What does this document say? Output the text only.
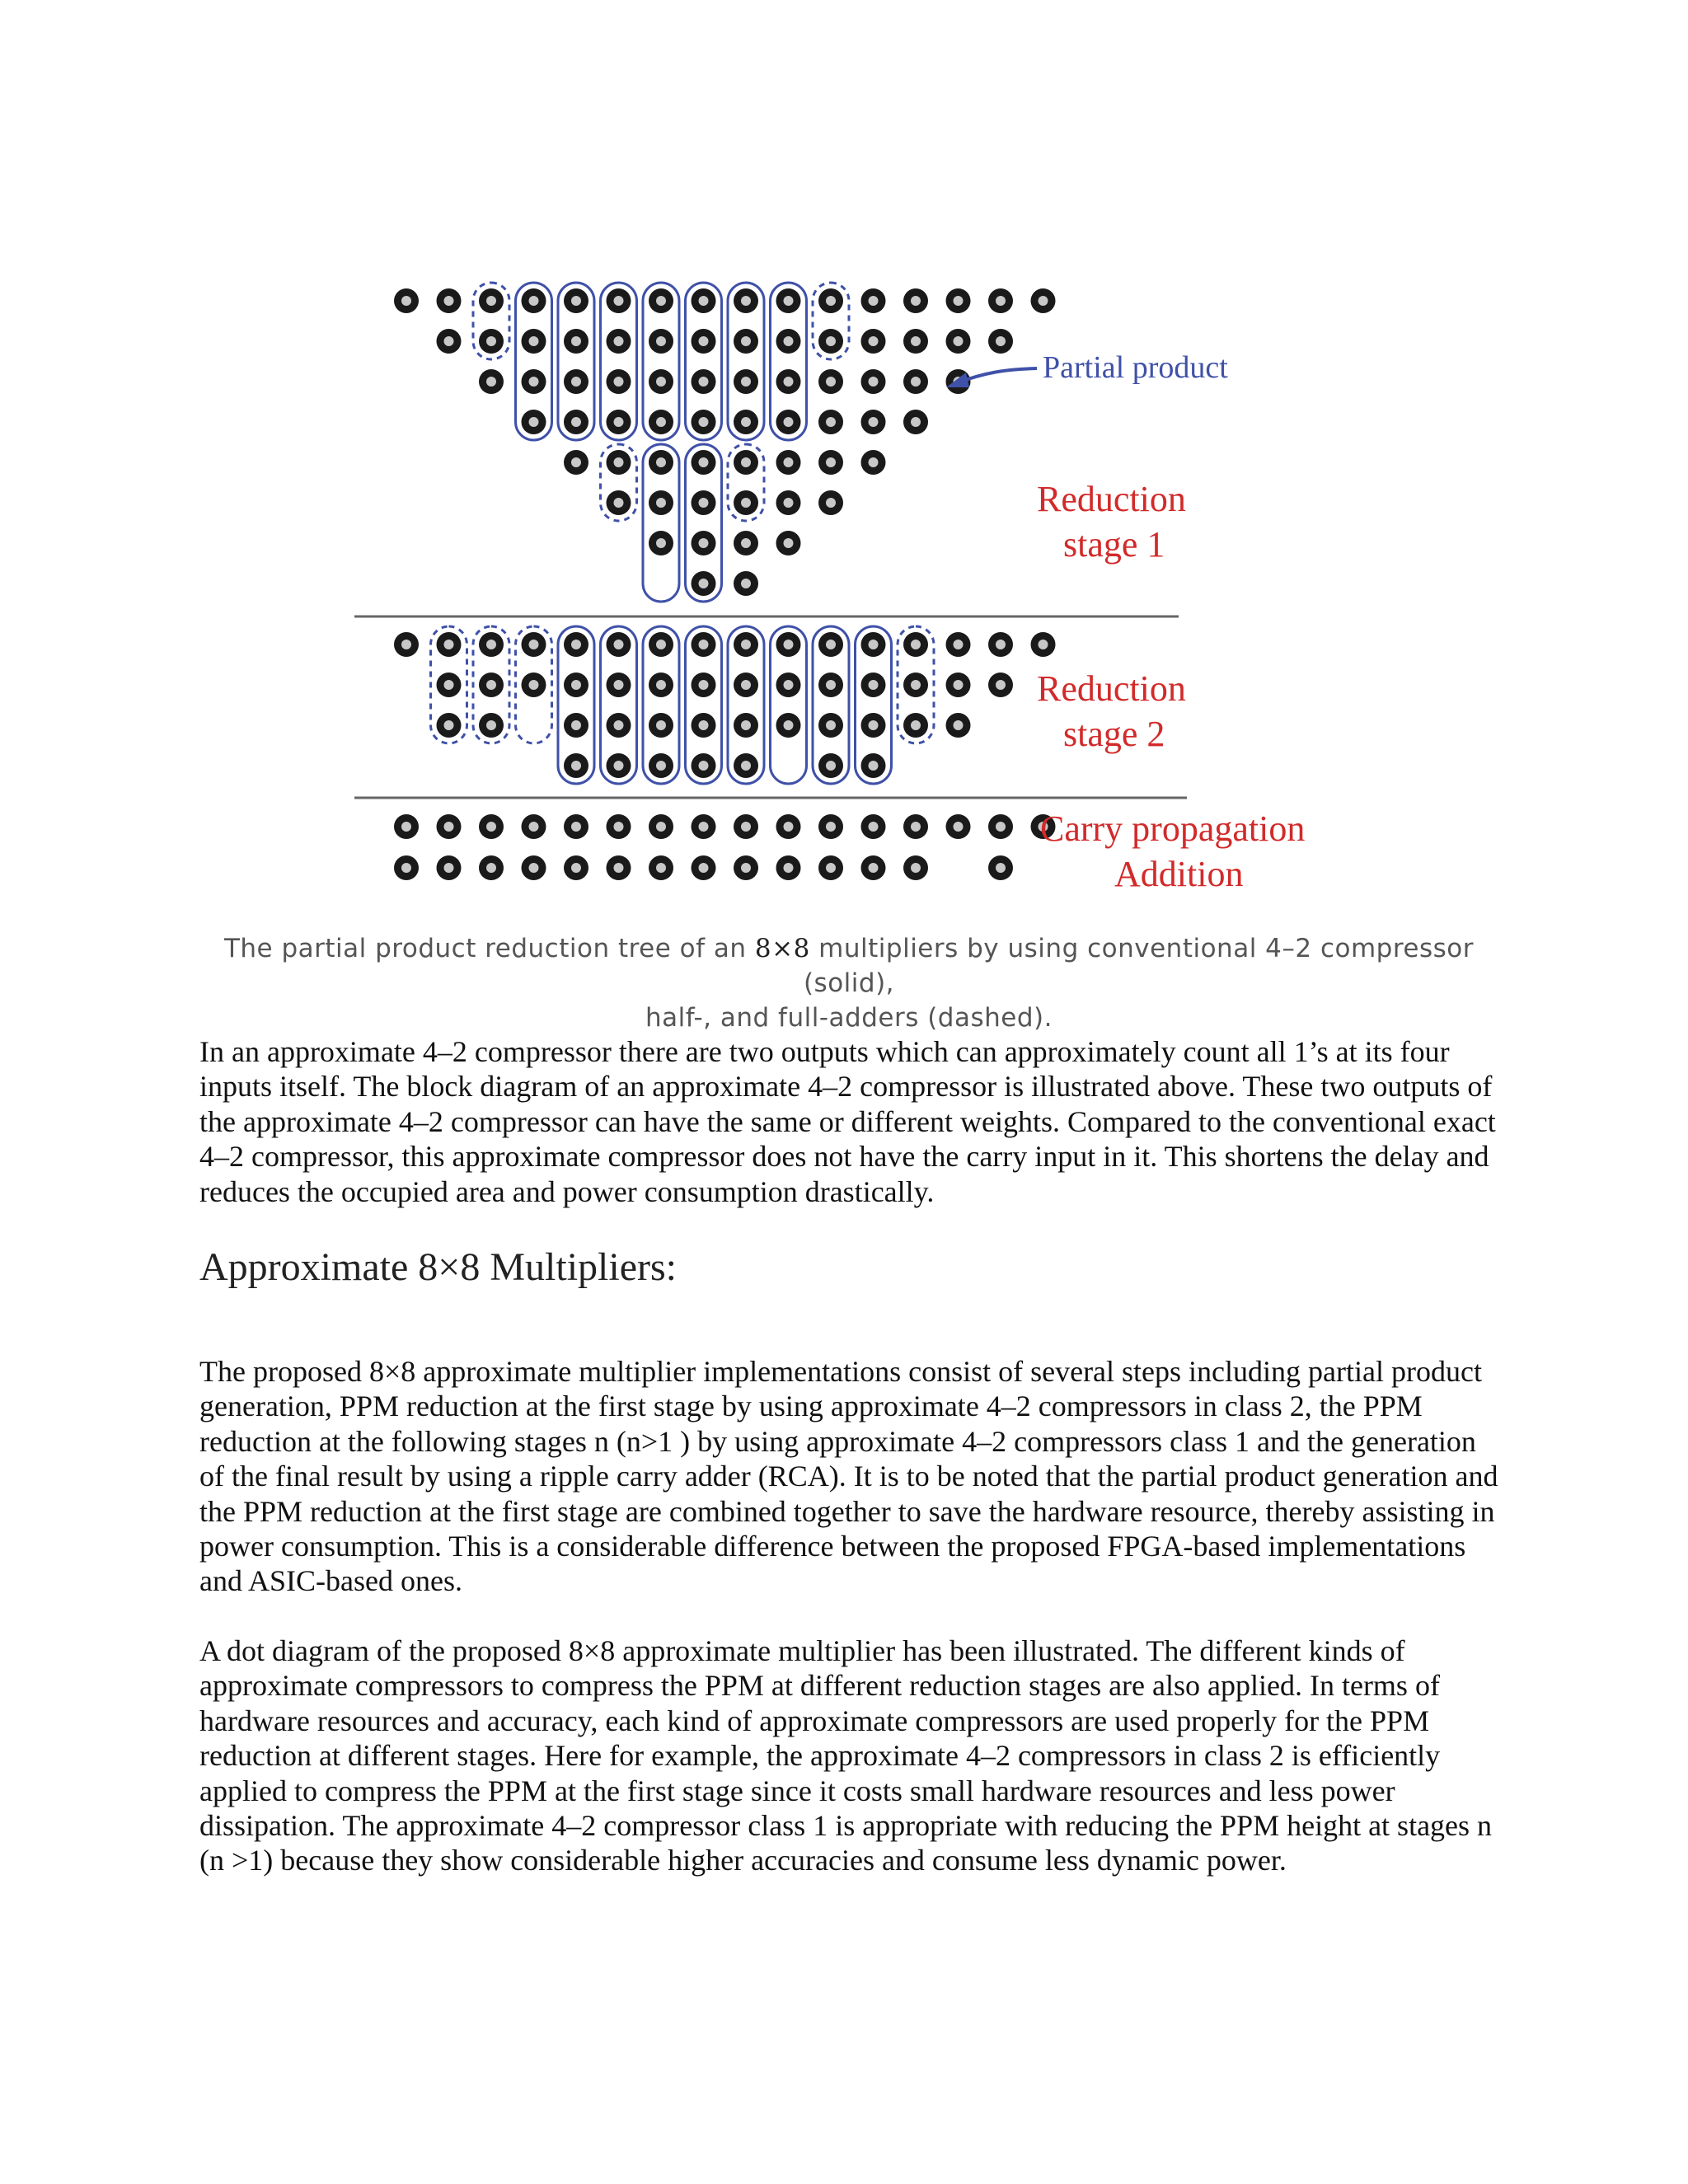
Partial product
Reduction
stage 1
Reduction
stage 2
Carry propagation
Addition
The partial product reduction tree of an 8×8 multipliers by using conventional 4–2 compressor (solid),
half-, and full-adders (dashed).

In an approximate 4–2 compressor there are two outputs which can approximately count all 1’s at its four inputs itself. The block diagram of an approximate 4–2 compressor is illustrated above. These two outputs of the approximate 4–2 compressor can have the same or different weights. Compared to the conventional exact 4–2 compressor, this approximate compressor does not have the carry input in it. This shortens the delay and reduces the occupied area and power consumption drastically.

Approximate 8×8 Multipliers:

The proposed 8×8 approximate multiplier implementations consist of several steps including partial product generation, PPM reduction at the first stage by using approximate 4–2 compressors in class 2, the PPM reduction at the following stages n (n>1 ) by using approximate 4–2 compressors class 1 and the generation of the final result by using a ripple carry adder (RCA). It is to be noted that the partial product generation and the PPM reduction at the first stage are combined together to save the hardware resource, thereby assisting in power consumption. This is a considerable difference between the proposed FPGA-based implementations and ASIC-based ones.

A dot diagram of the proposed 8×8 approximate multiplier has been illustrated. The different kinds of approximate compressors to compress the PPM at different reduction stages are also applied. In terms of hardware resources and accuracy, each kind of approximate compressors are used properly for the PPM reduction at different stages. Here for example, the approximate 4–2 compressors in class 2 is efficiently applied to compress the PPM at the first stage since it costs small hardware resources and less power dissipation. The approximate 4–2 compressor class 1 is appropriate with reducing the PPM height at stages n (n >1) because they show considerable higher accuracies and consume less dynamic power.
